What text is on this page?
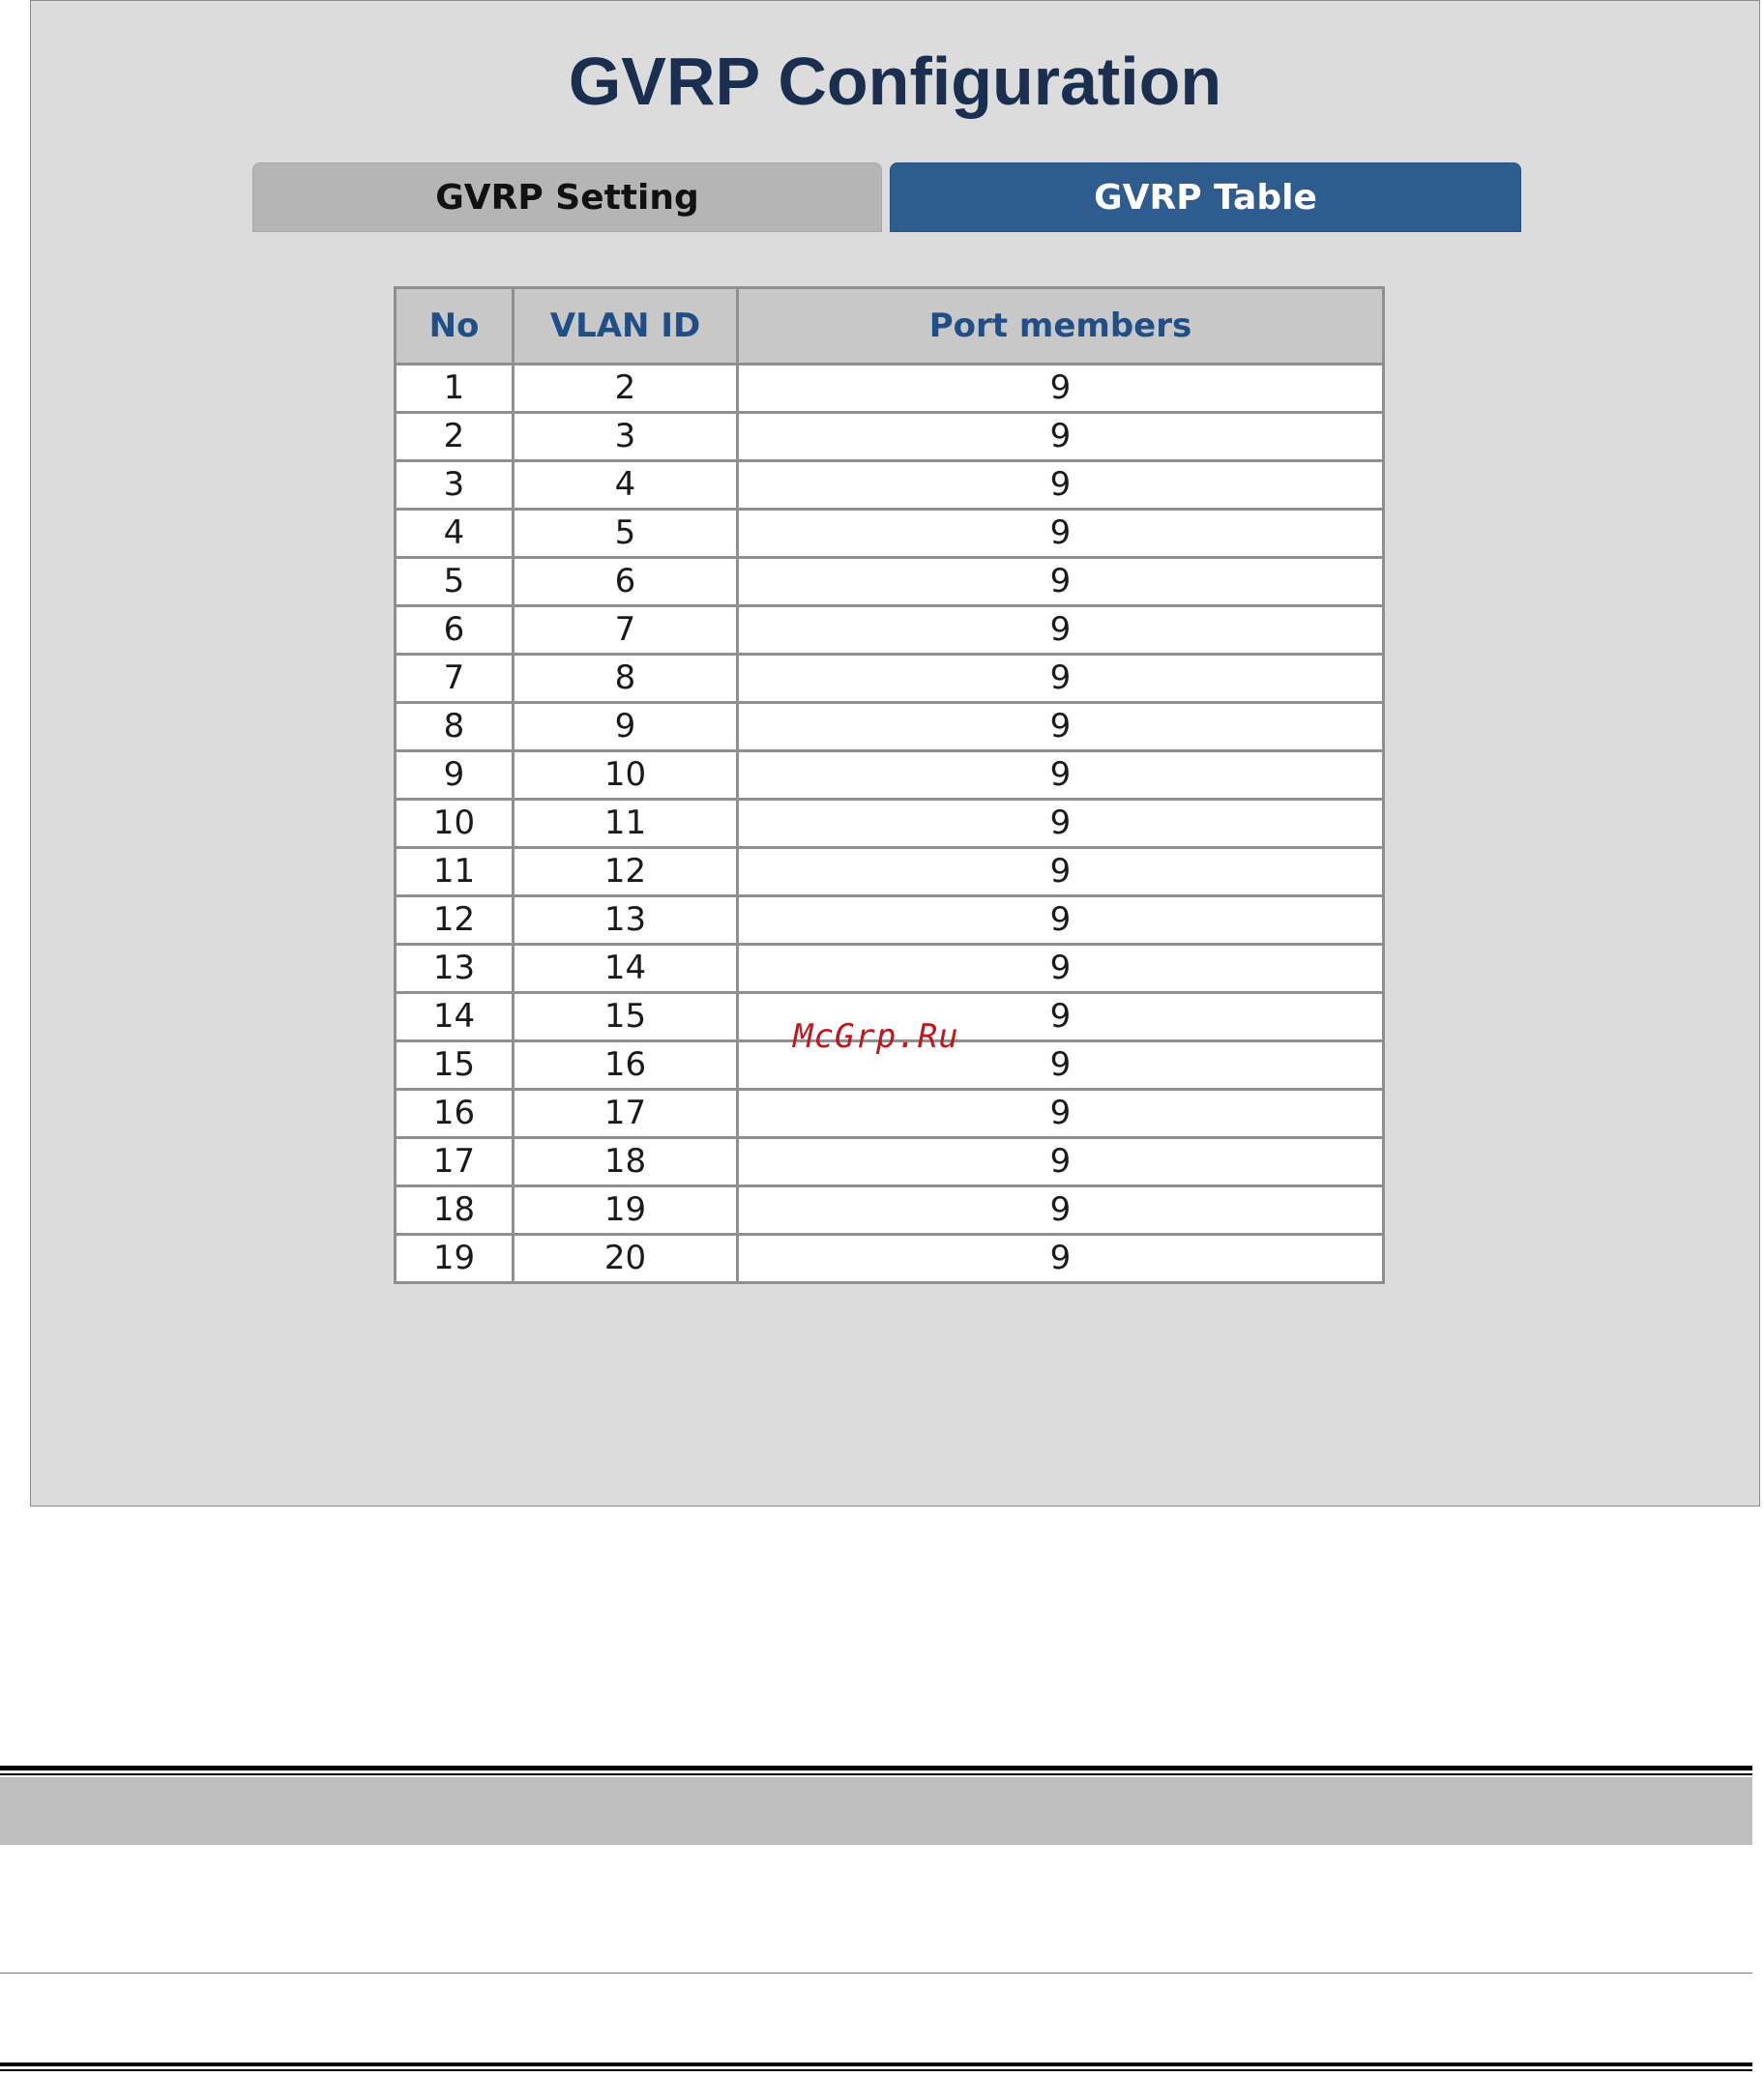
GVRP Configuration
GVRP Setting	GVRP Table
No	VLAN ID	Port members
1	2	9
2	3	9
3	4	9
4	5	9
5	6	9
6	7	9
7	8	9
8	9	9
9	10	9
10	11	9
11	12	9
12	13	9
13	14	9
14	15	9
15	16	9
16	17	9
17	18	9
18	19	9
19	20	9
McGrp.Ru
